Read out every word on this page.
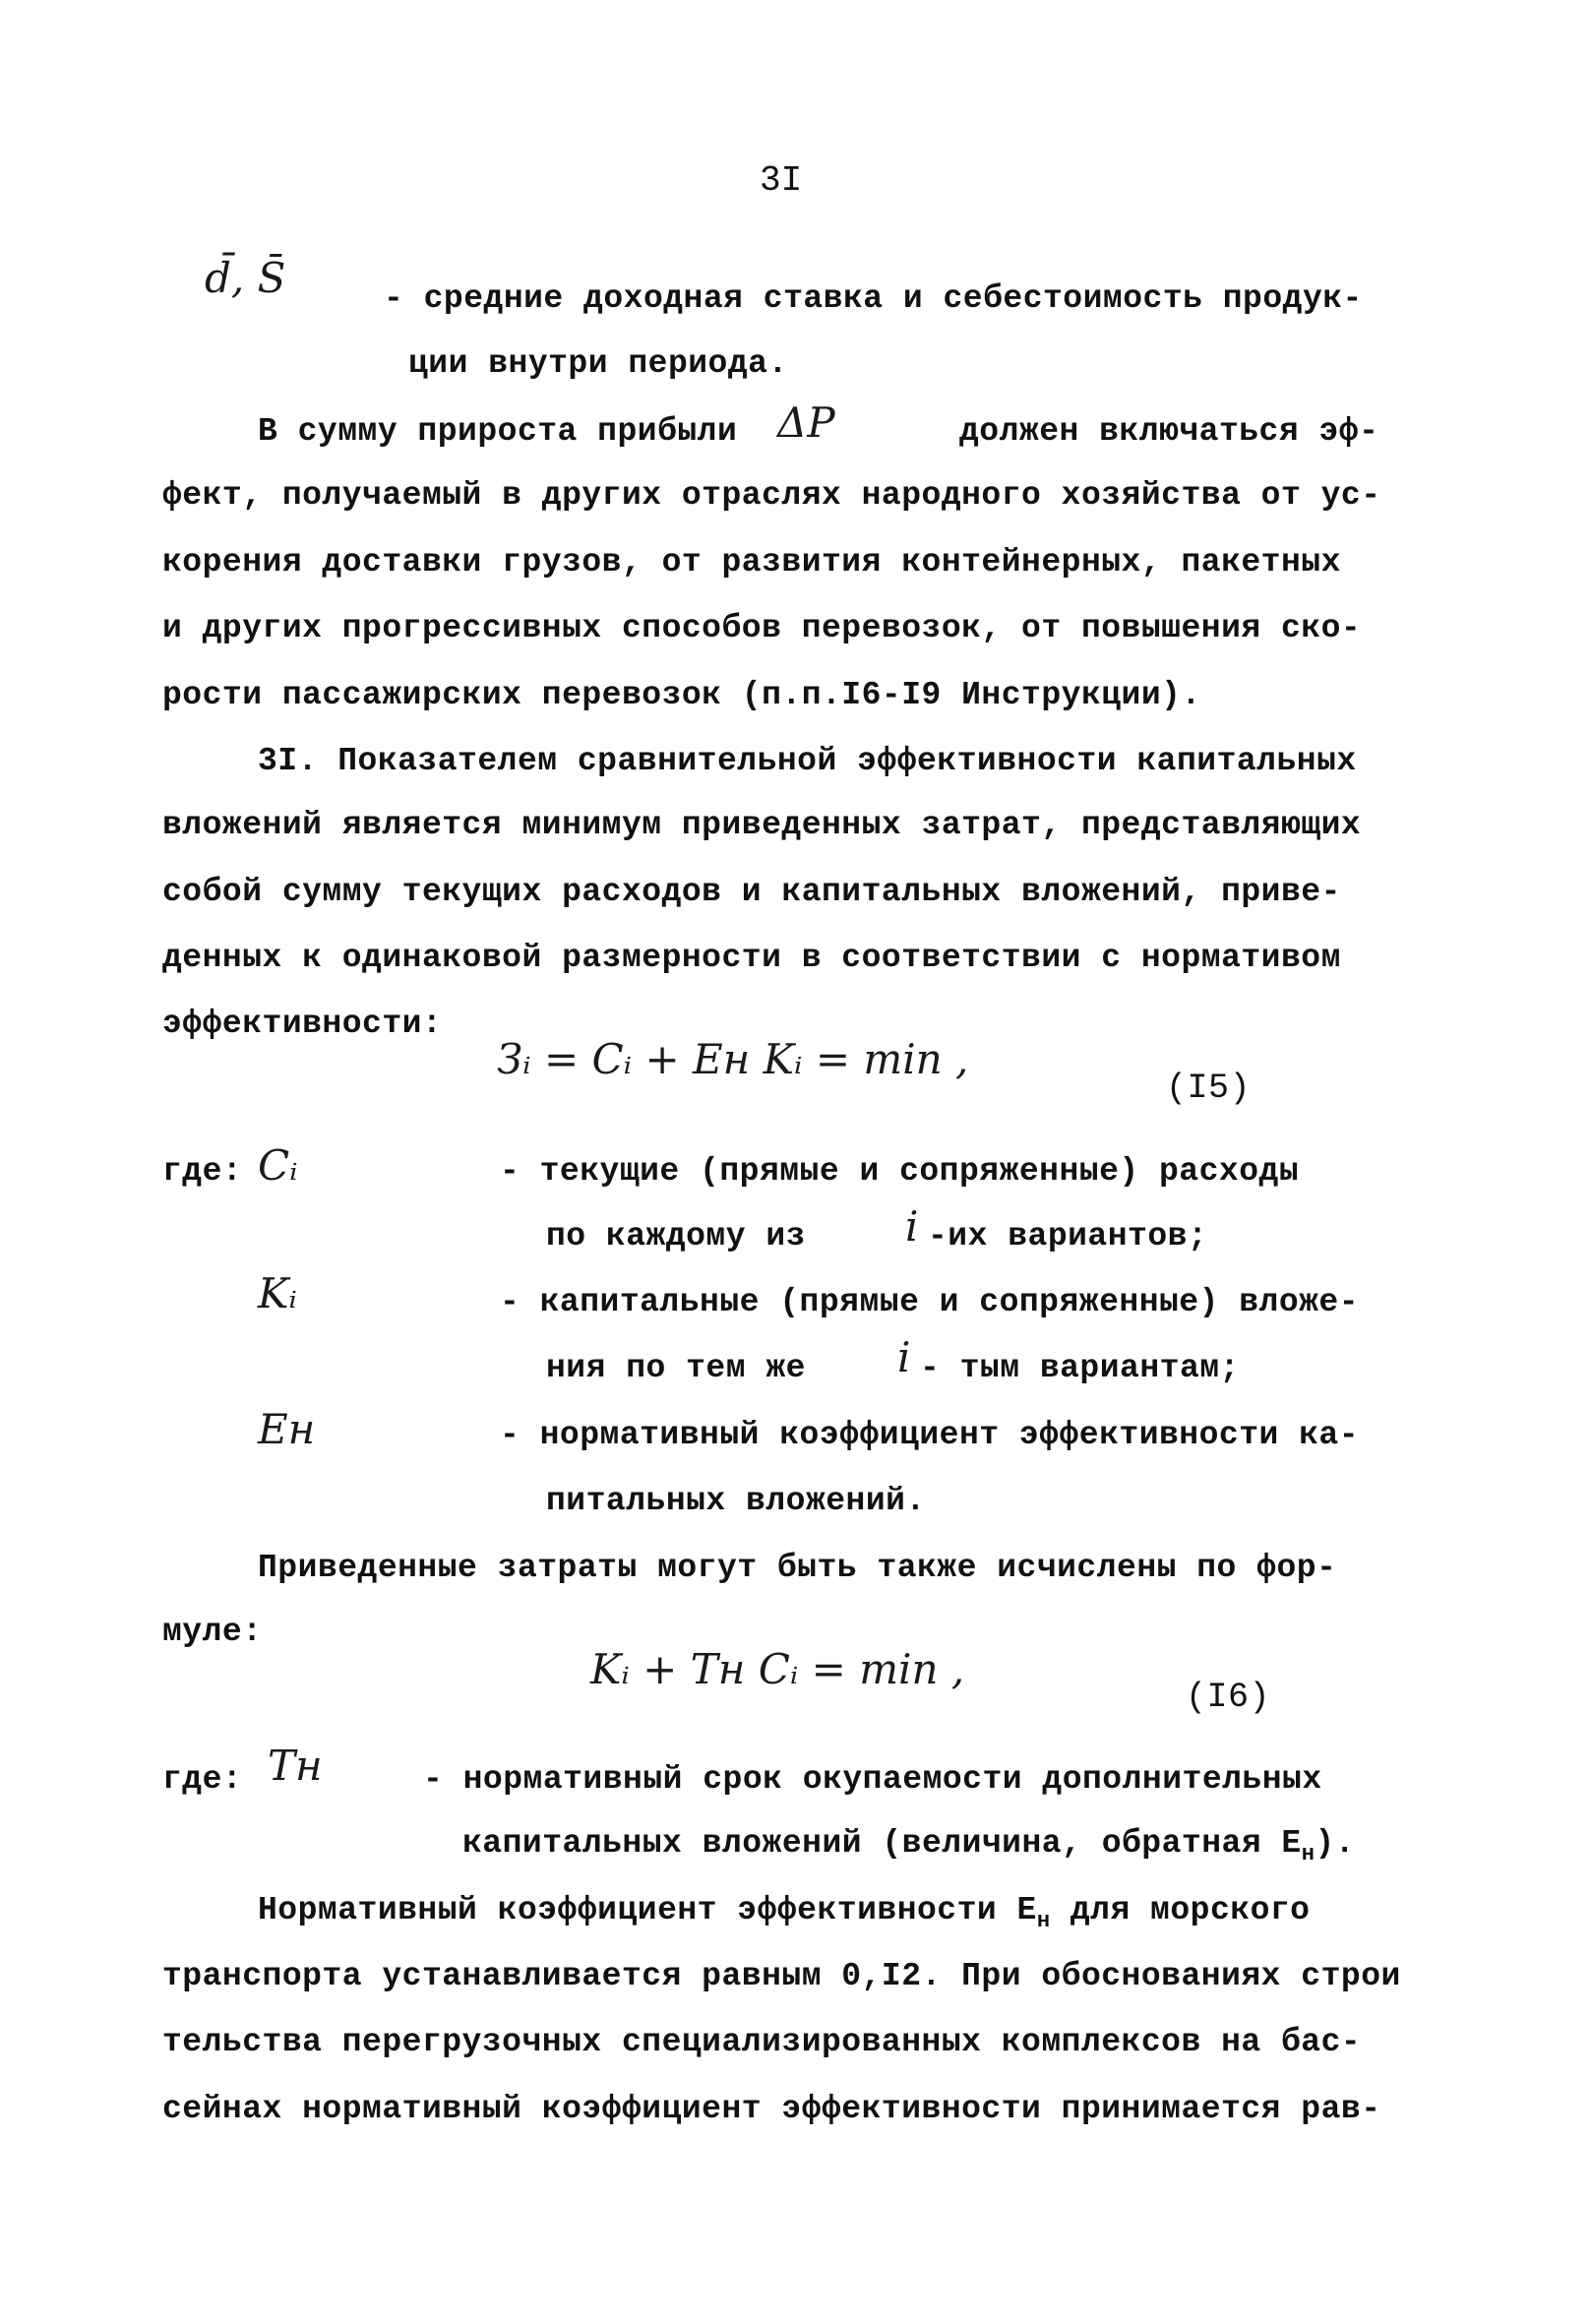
3I
d̄, S̄	- средние доходная ставка и себестоимость продук-
ции внутри периода.
В сумму прироста прибыли ΔP	должен включаться эф-
фект, получаемый в других отраслях народного хозяйства от ус-
корения доставки грузов, от развития контейнерных, пакетных
и других прогрессивных способов перевозок, от повышения ско-
рости пассажирских перевозок (п.п.I6-I9 Инструкции).
3I. Показателем сравнительной эффективности капитальных
вложений является минимум приведенных затрат, представляющих
собой сумму текущих расходов и капитальных вложений, приве-
денных к одинаковой размерности в соответствии с нормативом
эффективности:
Зᵢ = Cᵢ + Eн Kᵢ = min ,
(I5)
где: Cᵢ	- текущие (прямые и сопряженные) расходы
по каждому из i -их вариантов;
Kᵢ	- капитальные (прямые и сопряженные) вложе-
ния по тем же i - тым вариантам;
Eн	- нормативный коэффициент эффективности ка-
питальных вложений.
Приведенные затраты могут быть также исчислены по фор-
муле:
Kᵢ + Tн Cᵢ = min ,
(I6)
где: Tн	- нормативный срок окупаемости дополнительных
капитальных вложений (величина, обратная $E_н$).
Нормативный коэффициент эффективности $E_н$ для морского
транспорта устанавливается равным 0,I2. При обоснованиях строи
тельства перегрузочных специализированных комплексов на бас-
сейнах нормативный коэффициент эффективности принимается рав-
